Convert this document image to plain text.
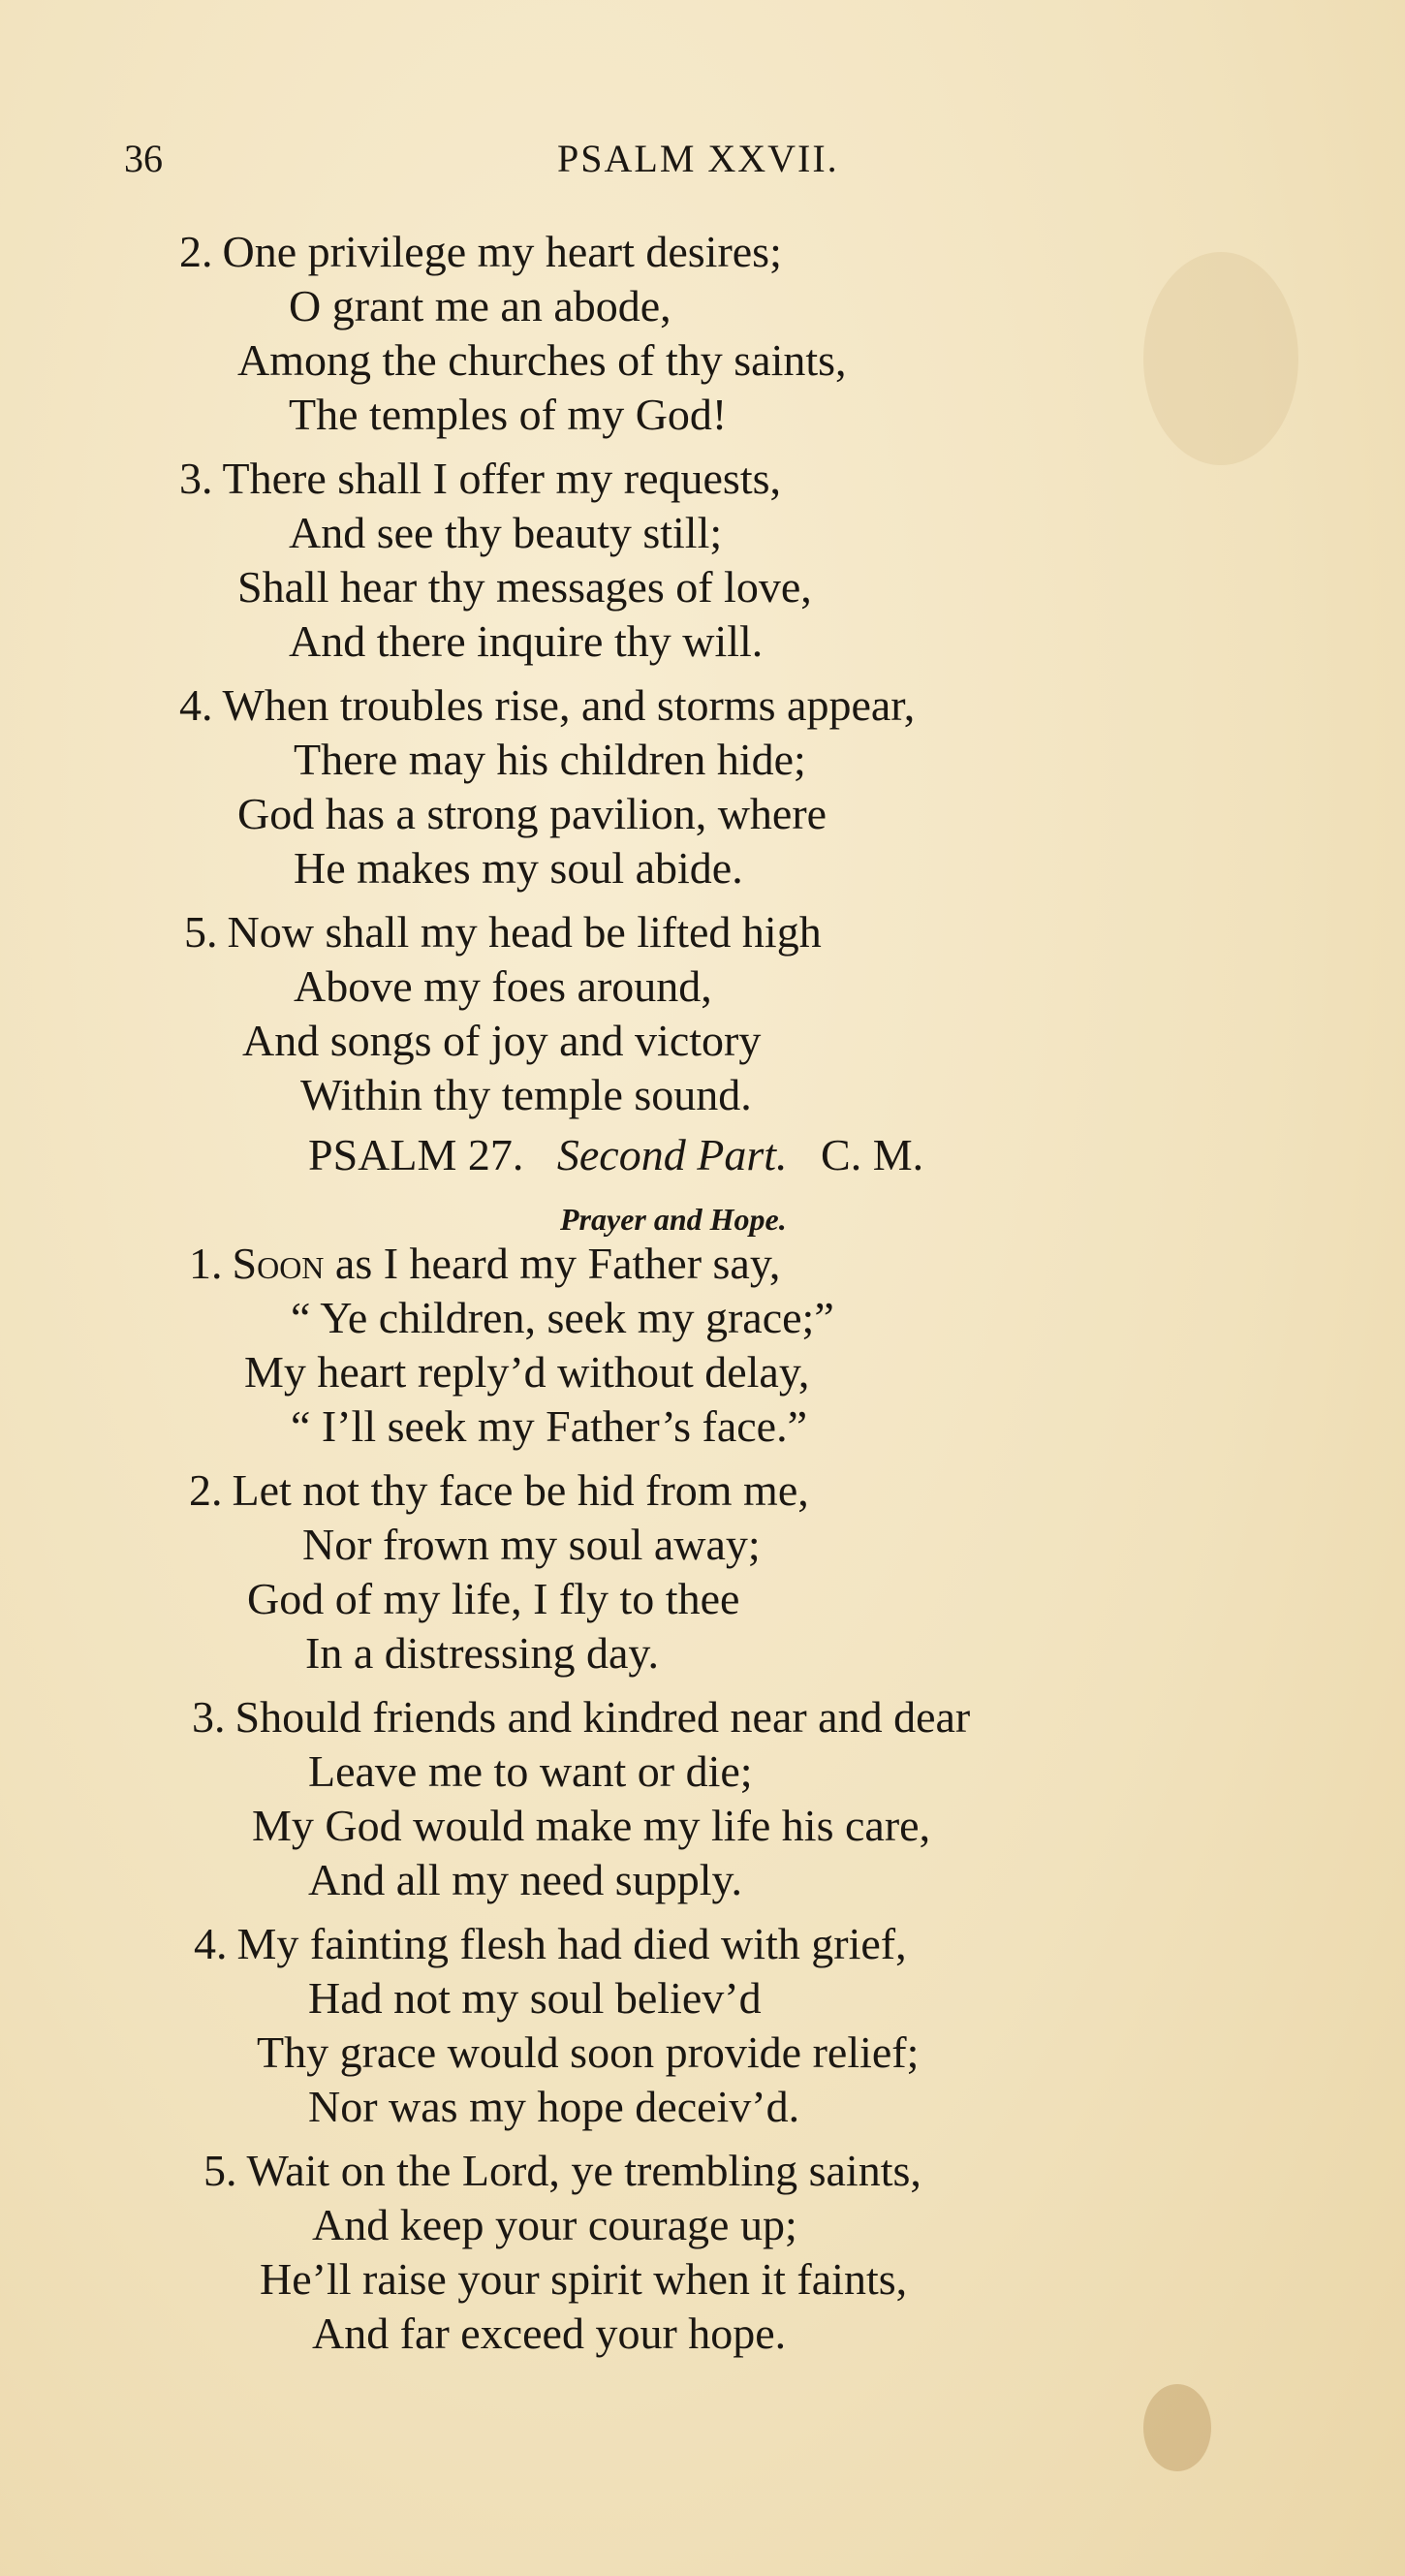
36	PSALM XXVII.
2. One privilege my heart desires;
O grant me an abode,
Among the churches of thy saints,
The temples of my God!
3. There shall I offer my requests,
And see thy beauty still;
Shall hear thy messages of love,
And there inquire thy will.
4. When troubles rise, and storms appear,
There may his children hide;
God has a strong pavilion, where
He makes my soul abide.
5. Now shall my head be lifted high
Above my foes around,
And songs of joy and victory
Within thy temple sound.
PSALM 27. Second Part. C. M.
Prayer and Hope.
1. Soon as I heard my Father say,
“ Ye children, seek my grace;”
My heart reply’d without delay,
“ I’ll seek my Father’s face.”
2. Let not thy face be hid from me,
Nor frown my soul away;
God of my life, I fly to thee
In a distressing day.
3. Should friends and kindred near and dear
Leave me to want or die;
My God would make my life his care,
And all my need supply.
4. My fainting flesh had died with grief,
Had not my soul believ’d
Thy grace would soon provide relief;
Nor was my hope deceiv’d.
5. Wait on the Lord, ye trembling saints,
And keep your courage up;
He’ll raise your spirit when it faints,
And far exceed your hope.
